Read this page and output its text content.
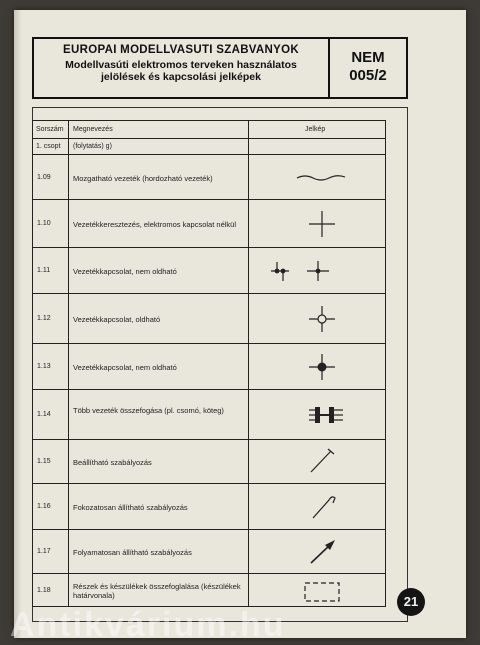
EUROPAI MODELLVASUTI SZABVANYOK
Modellvasúti elektromos terveken használatos
jelölések és kapcsolási jelképek
NEM
005/2
Sorszám Megnevezés	Jelkép
1. csopt (folytatás) g)
1.09	Mozgatható vezeték (hordozható vezeték)
1.10	Vezetékkeresztezés, elektromos kapcsolat nélkül
1.11	Vezetékkapcsolat, nem oldható
1.12	Vezetékkapcsolat, oldható
1.13	Vezetékkapcsolat, nem oldható
1.14	Több vezeték összefogása (pl. csomó, köteg)
1.15	Beállítható szabályozás
1.16	Fokozatosan állítható szabályozás
1.17	Folyamatosan állítható szabályozás
1.18	Részek és készülékek összefoglalása (készülékek határvonala)	21
Antikvárium.hu
